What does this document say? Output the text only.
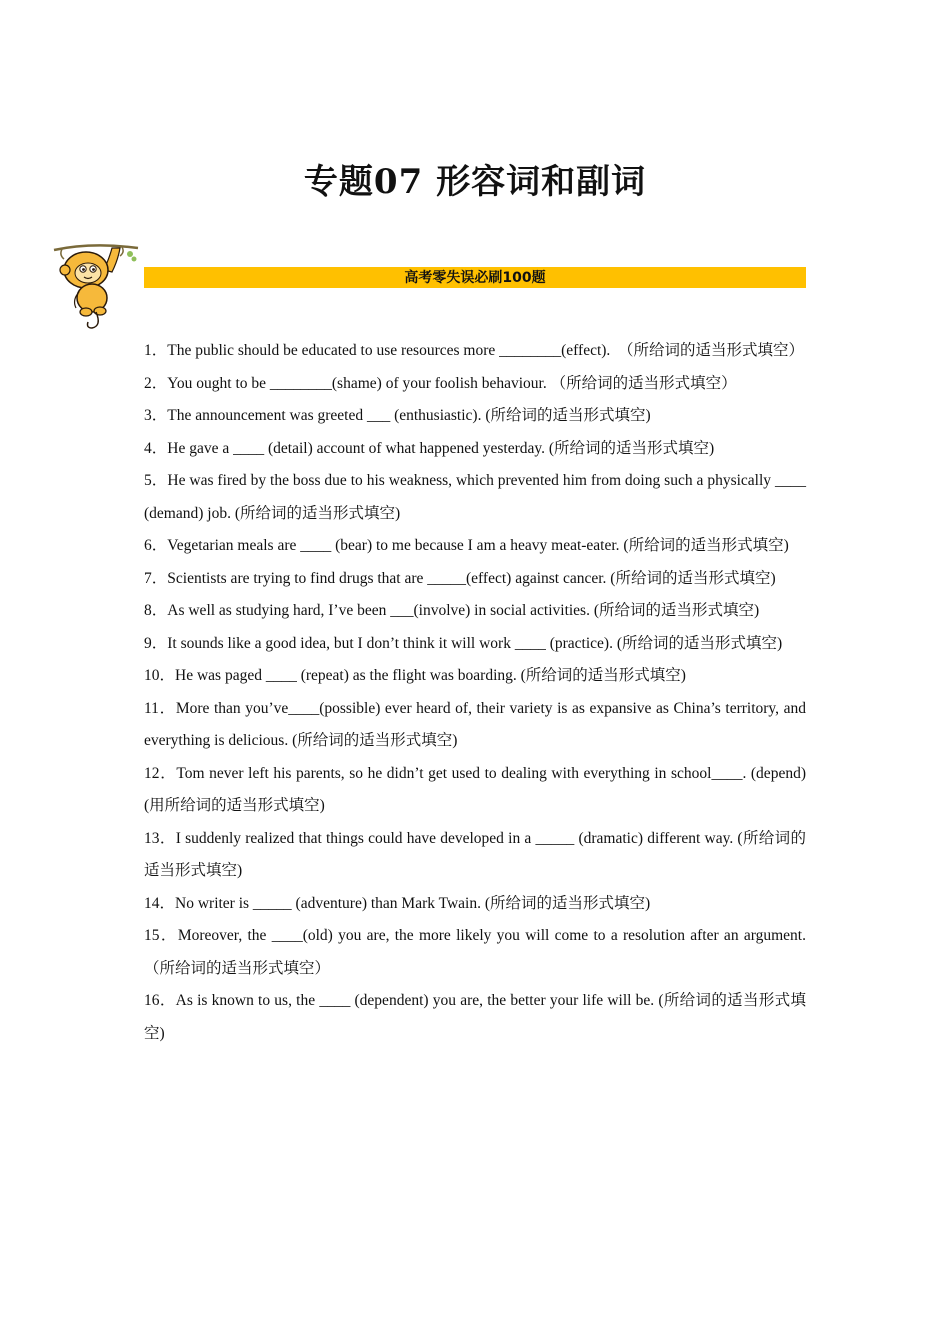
专题07 形容词和副词
高考零失误必刷100题
1．The public should be educated to use resources more ________(effect).　（所给词的适当形式填空）
2．You ought to be ________(shame) of your foolish behaviour. （所给词的适当形式填空）
3．The announcement was greeted ___ (enthusiastic). (所给词的适当形式填空)
4．He gave a ____ (detail) account of what happened yesterday. (所给词的适当形式填空)
5．He was fired by the boss due to his weakness, which prevented him from doing such a physically ____ (demand) job. (所给词的适当形式填空)
6．Vegetarian meals are ____ (bear) to me because I am a heavy meat-eater. (所给词的适当形式填空)
7．Scientists are trying to find drugs that are _____(effect) against cancer. (所给词的适当形式填空)
8．As well as studying hard, I’ve been ___(involve) in social activities. (所给词的适当形式填空)
9．It sounds like a good idea, but I don’t think it will work ____ (practice). (所给词的适当形式填空)
10．He was paged ____ (repeat) as the flight was boarding. (所给词的适当形式填空)
11．More than you’ve____(possible) ever heard of, their variety is as expansive as China’s territory, and everything is delicious. (所给词的适当形式填空)
12．Tom never left his parents, so he didn’t get used to dealing with everything in school____. (depend) (用所给词的适当形式填空)
13．I suddenly realized that things could have developed in a _____ (dramatic) different way. (所给词的适当形式填空)
14．No writer is _____ (adventure) than Mark Twain. (所给词的适当形式填空)
15．Moreover, the ____(old) you are, the more likely you will come to a resolution after an argument. （所给词的适当形式填空）
16．As is known to us, the ____ (dependent) you are, the better your life will be. (所给词的适当形式填空)
